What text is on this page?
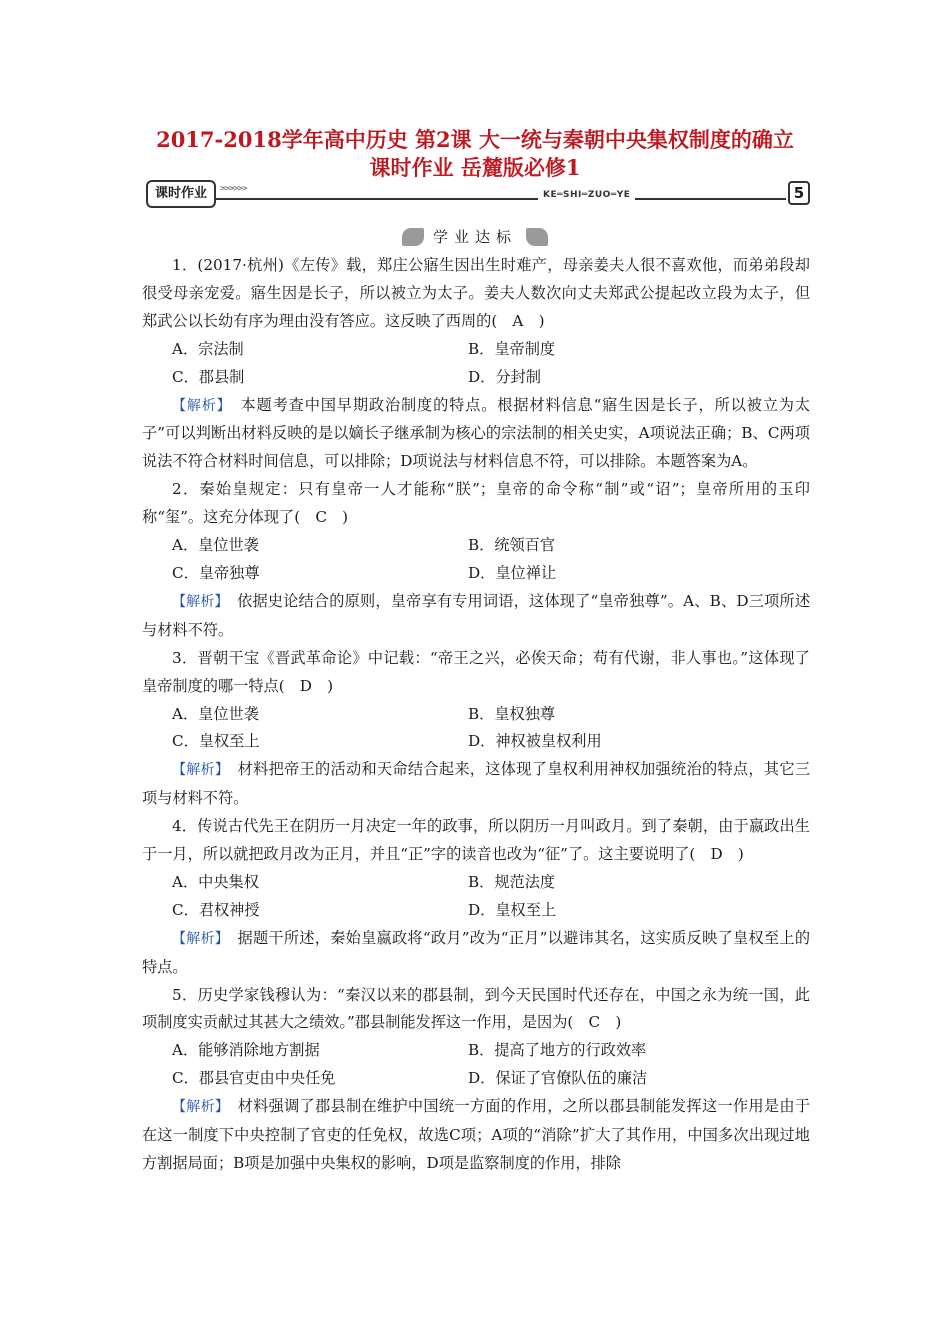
2017-2018学年高中历史 第2课 大一统与秦朝中央集权制度的确立
课时作业 岳麓版必修1
课时作业	>>>>>>
KE═SHI═ZUO═YE	5
学业达标

1．(2017·杭州)《左传》载，郑庄公寤生因出生时难产，母亲姜夫人很不喜欢他，而弟弟段却很受母亲宠爱。寤生因是长子，所以被立为太子。姜夫人数次向丈夫郑武公提起改立段为太子，但郑武公以长幼有序为理由没有答应。这反映了西周的(　A　)

A．宗法制	B．皇帝制度
C．郡县制	D．分封制

【解析】　本题考查中国早期政治制度的特点。根据材料信息“寤生因是长子，所以被立为太子”可以判断出材料反映的是以嫡长子继承制为核心的宗法制的相关史实，A项说法正确；B、C两项说法不符合材料时间信息，可以排除；D项说法与材料信息不符，可以排除。本题答案为A。

2．秦始皇规定：只有皇帝一人才能称“朕”；皇帝的命令称“制”或“诏”；皇帝所用的玉印称“玺”。这充分体现了(　C　)

A．皇位世袭	B．统领百官
C．皇帝独尊	D．皇位禅让

【解析】　依据史论结合的原则，皇帝享有专用词语，这体现了“皇帝独尊”。A、B、D三项所述与材料不符。

3．晋朝干宝《晋武革命论》中记载：“帝王之兴，必俟天命；苟有代谢，非人事也。”这体现了皇帝制度的哪一特点(　D　)

A．皇位世袭	B．皇权独尊
C．皇权至上	D．神权被皇权利用

【解析】　材料把帝王的活动和天命结合起来，这体现了皇权利用神权加强统治的特点，其它三项与材料不符。

4．传说古代先王在阴历一月决定一年的政事，所以阴历一月叫政月。到了秦朝，由于嬴政出生于一月，所以就把政月改为正月，并且“正”字的读音也改为“征”了。这主要说明了(　D　)

A．中央集权	B．规范法度
C．君权神授	D．皇权至上

【解析】　据题干所述，秦始皇嬴政将“政月”改为“正月”以避讳其名，这实质反映了皇权至上的特点。

5．历史学家钱穆认为：“秦汉以来的郡县制，到今天民国时代还存在，中国之永为统一国，此项制度实贡献过其甚大之绩效。”郡县制能发挥这一作用，是因为(　C　)

A．能够消除地方割据	B．提高了地方的行政效率
C．郡县官吏由中央任免	D．保证了官僚队伍的廉洁

【解析】　材料强调了郡县制在维护中国统一方面的作用，之所以郡县制能发挥这一作用是由于在这一制度下中央控制了官吏的任免权，故选C项；A项的“消除”扩大了其作用，中国多次出现过地方割据局面；B项是加强中央集权的影响，D项是监察制度的作用，排除
